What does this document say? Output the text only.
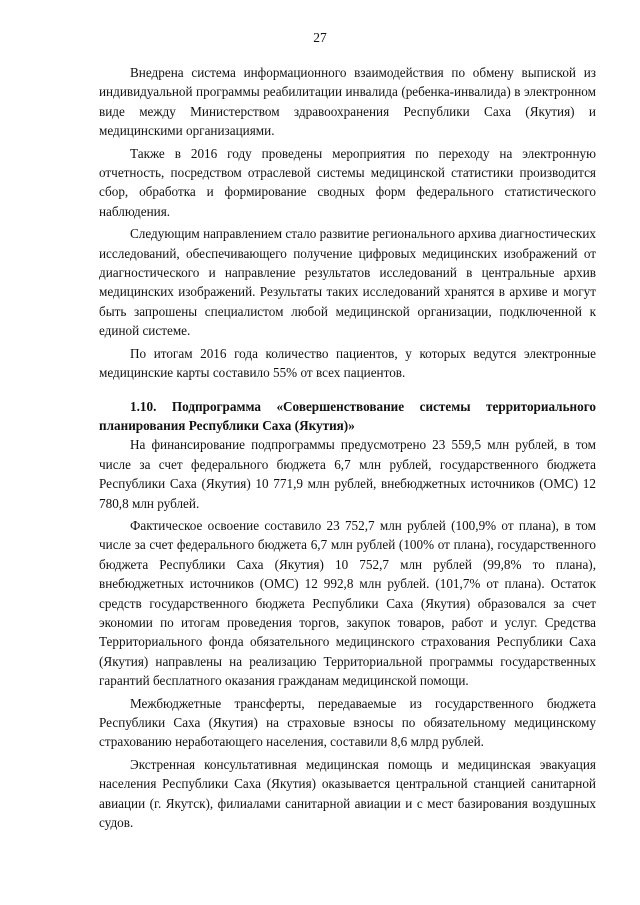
27

Внедрена система информационного взаимодействия по обмену выпиской из индивидуальной программы реабилитации инвалида (ребенка-инвалида) в электронном виде между Министерством здравоохранения Республики Саха (Якутия) и медицинскими организациями.

Также в 2016 году проведены мероприятия по переходу на электронную отчетность, посредством отраслевой системы медицинской статистики производится сбор, обработка и формирование сводных форм федерального статистического наблюдения.

Следующим направлением стало развитие регионального архива диагностических исследований, обеспечивающего получение цифровых медицинских изображений от диагностического и направление результатов исследований в центральные архив медицинских изображений. Результаты таких исследований хранятся в архиве и могут быть запрошены специалистом любой медицинской организации, подключенной к единой системе.

По итогам 2016 года количество пациентов, у которых ведутся электронные медицинские карты составило 55% от всех пациентов.

1.10. Подпрограмма «Совершенствование системы территориального планирования Республики Саха (Якутия)»

На финансирование подпрограммы предусмотрено 23 559,5 млн рублей, в том числе за счет федерального бюджета 6,7 млн рублей, государственного бюджета Республики Саха (Якутия) 10 771,9 млн рублей, внебюджетных источников (ОМС) 12 780,8 млн рублей.

Фактическое освоение составило 23 752,7 млн рублей (100,9% от плана), в том числе за счет федерального бюджета 6,7 млн рублей (100% от плана), государственного бюджета Республики Саха (Якутия) 10 752,7 млн рублей (99,8% то плана), внебюджетных источников (ОМС) 12 992,8 млн рублей. (101,7% от плана). Остаток средств государственного бюджета Республики Саха (Якутия) образовался за счет экономии по итогам проведения торгов, закупок товаров, работ и услуг. Средства Территориального фонда обязательного медицинского страхования Республики Саха (Якутия) направлены на реализацию Территориальной программы государственных гарантий бесплатного оказания гражданам медицинской помощи.

Межбюджетные трансферты, передаваемые из государственного бюджета Республики Саха (Якутия) на страховые взносы по обязательному медицинскому страхованию неработающего населения, составили 8,6 млрд рублей.

Экстренная консультативная медицинская помощь и медицинская эвакуация населения Республики Саха (Якутия) оказывается центральной станцией санитарной авиации (г. Якутск), филиалами санитарной авиации и с мест базирования воздушных судов.
